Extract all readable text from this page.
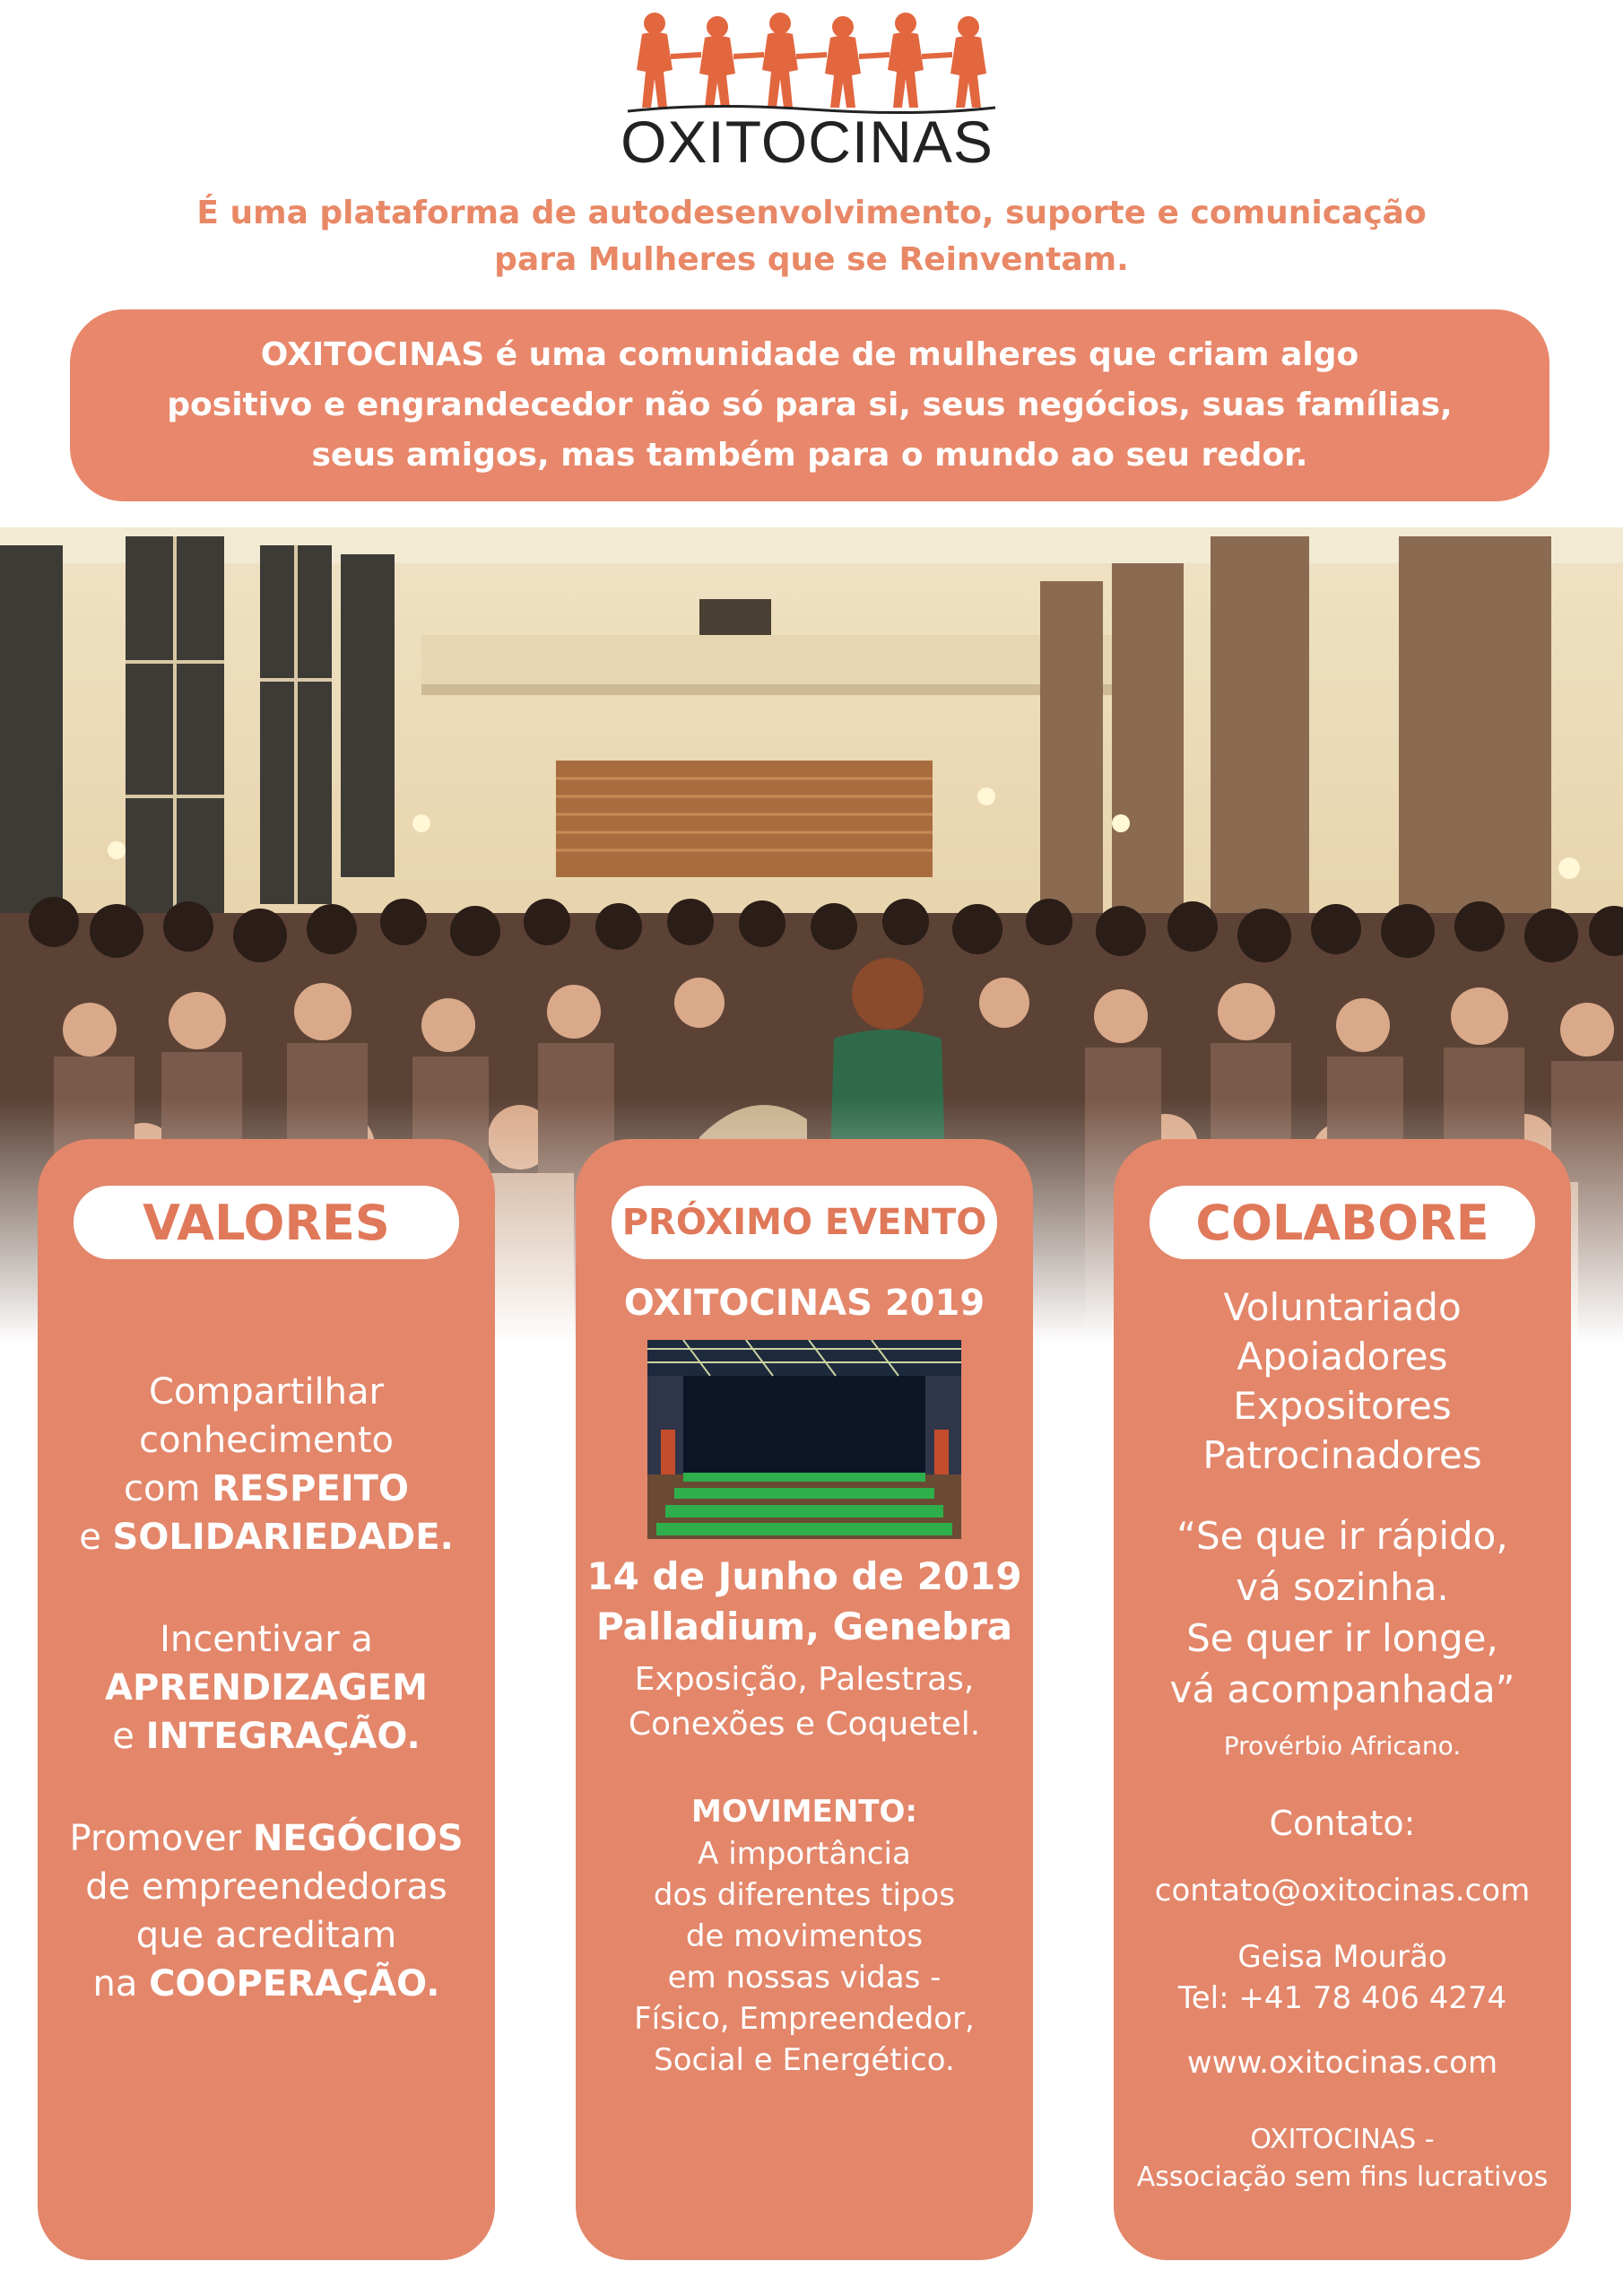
OXITOCINAS
É uma plataforma de autodesenvolvimento, suporte e comunicação
para Mulheres que se Reinventam.
OXITOCINAS é uma comunidade de mulheres que criam algo
positivo e engrandecedor não só para si, seus negócios, suas famílias,
seus amigos, mas também para o mundo ao seu redor.
VALORES
Compartilhar
conhecimento
com RESPEITO
e SOLIDARIEDADE.
Incentivar a
APRENDIZAGEM
e INTEGRAÇÃO.
Promover NEGÓCIOS
de empreendedoras
que acreditam
na COOPERAÇÃO.
PRÓXIMO EVENTO
OXITOCINAS 2019
14 de Junho de 2019
Palladium, Genebra
Exposição, Palestras,
Conexões e Coquetel.
MOVIMENTO:
A importância
dos diferentes tipos
de movimentos
em nossas vidas -
Físico, Empreendedor,
Social e Energético.
COLABORE
Voluntariado
Apoiadores
Expositores
Patrocinadores
“Se que ir rápido,
vá sozinha.
Se quer ir longe,
vá acompanhada”
Provérbio Africano.
Contato:
contato@oxitocinas.com
Geisa Mourão
Tel: +41 78 406 4274
www.oxitocinas.com
OXITOCINAS -
Associação sem fins lucrativos
